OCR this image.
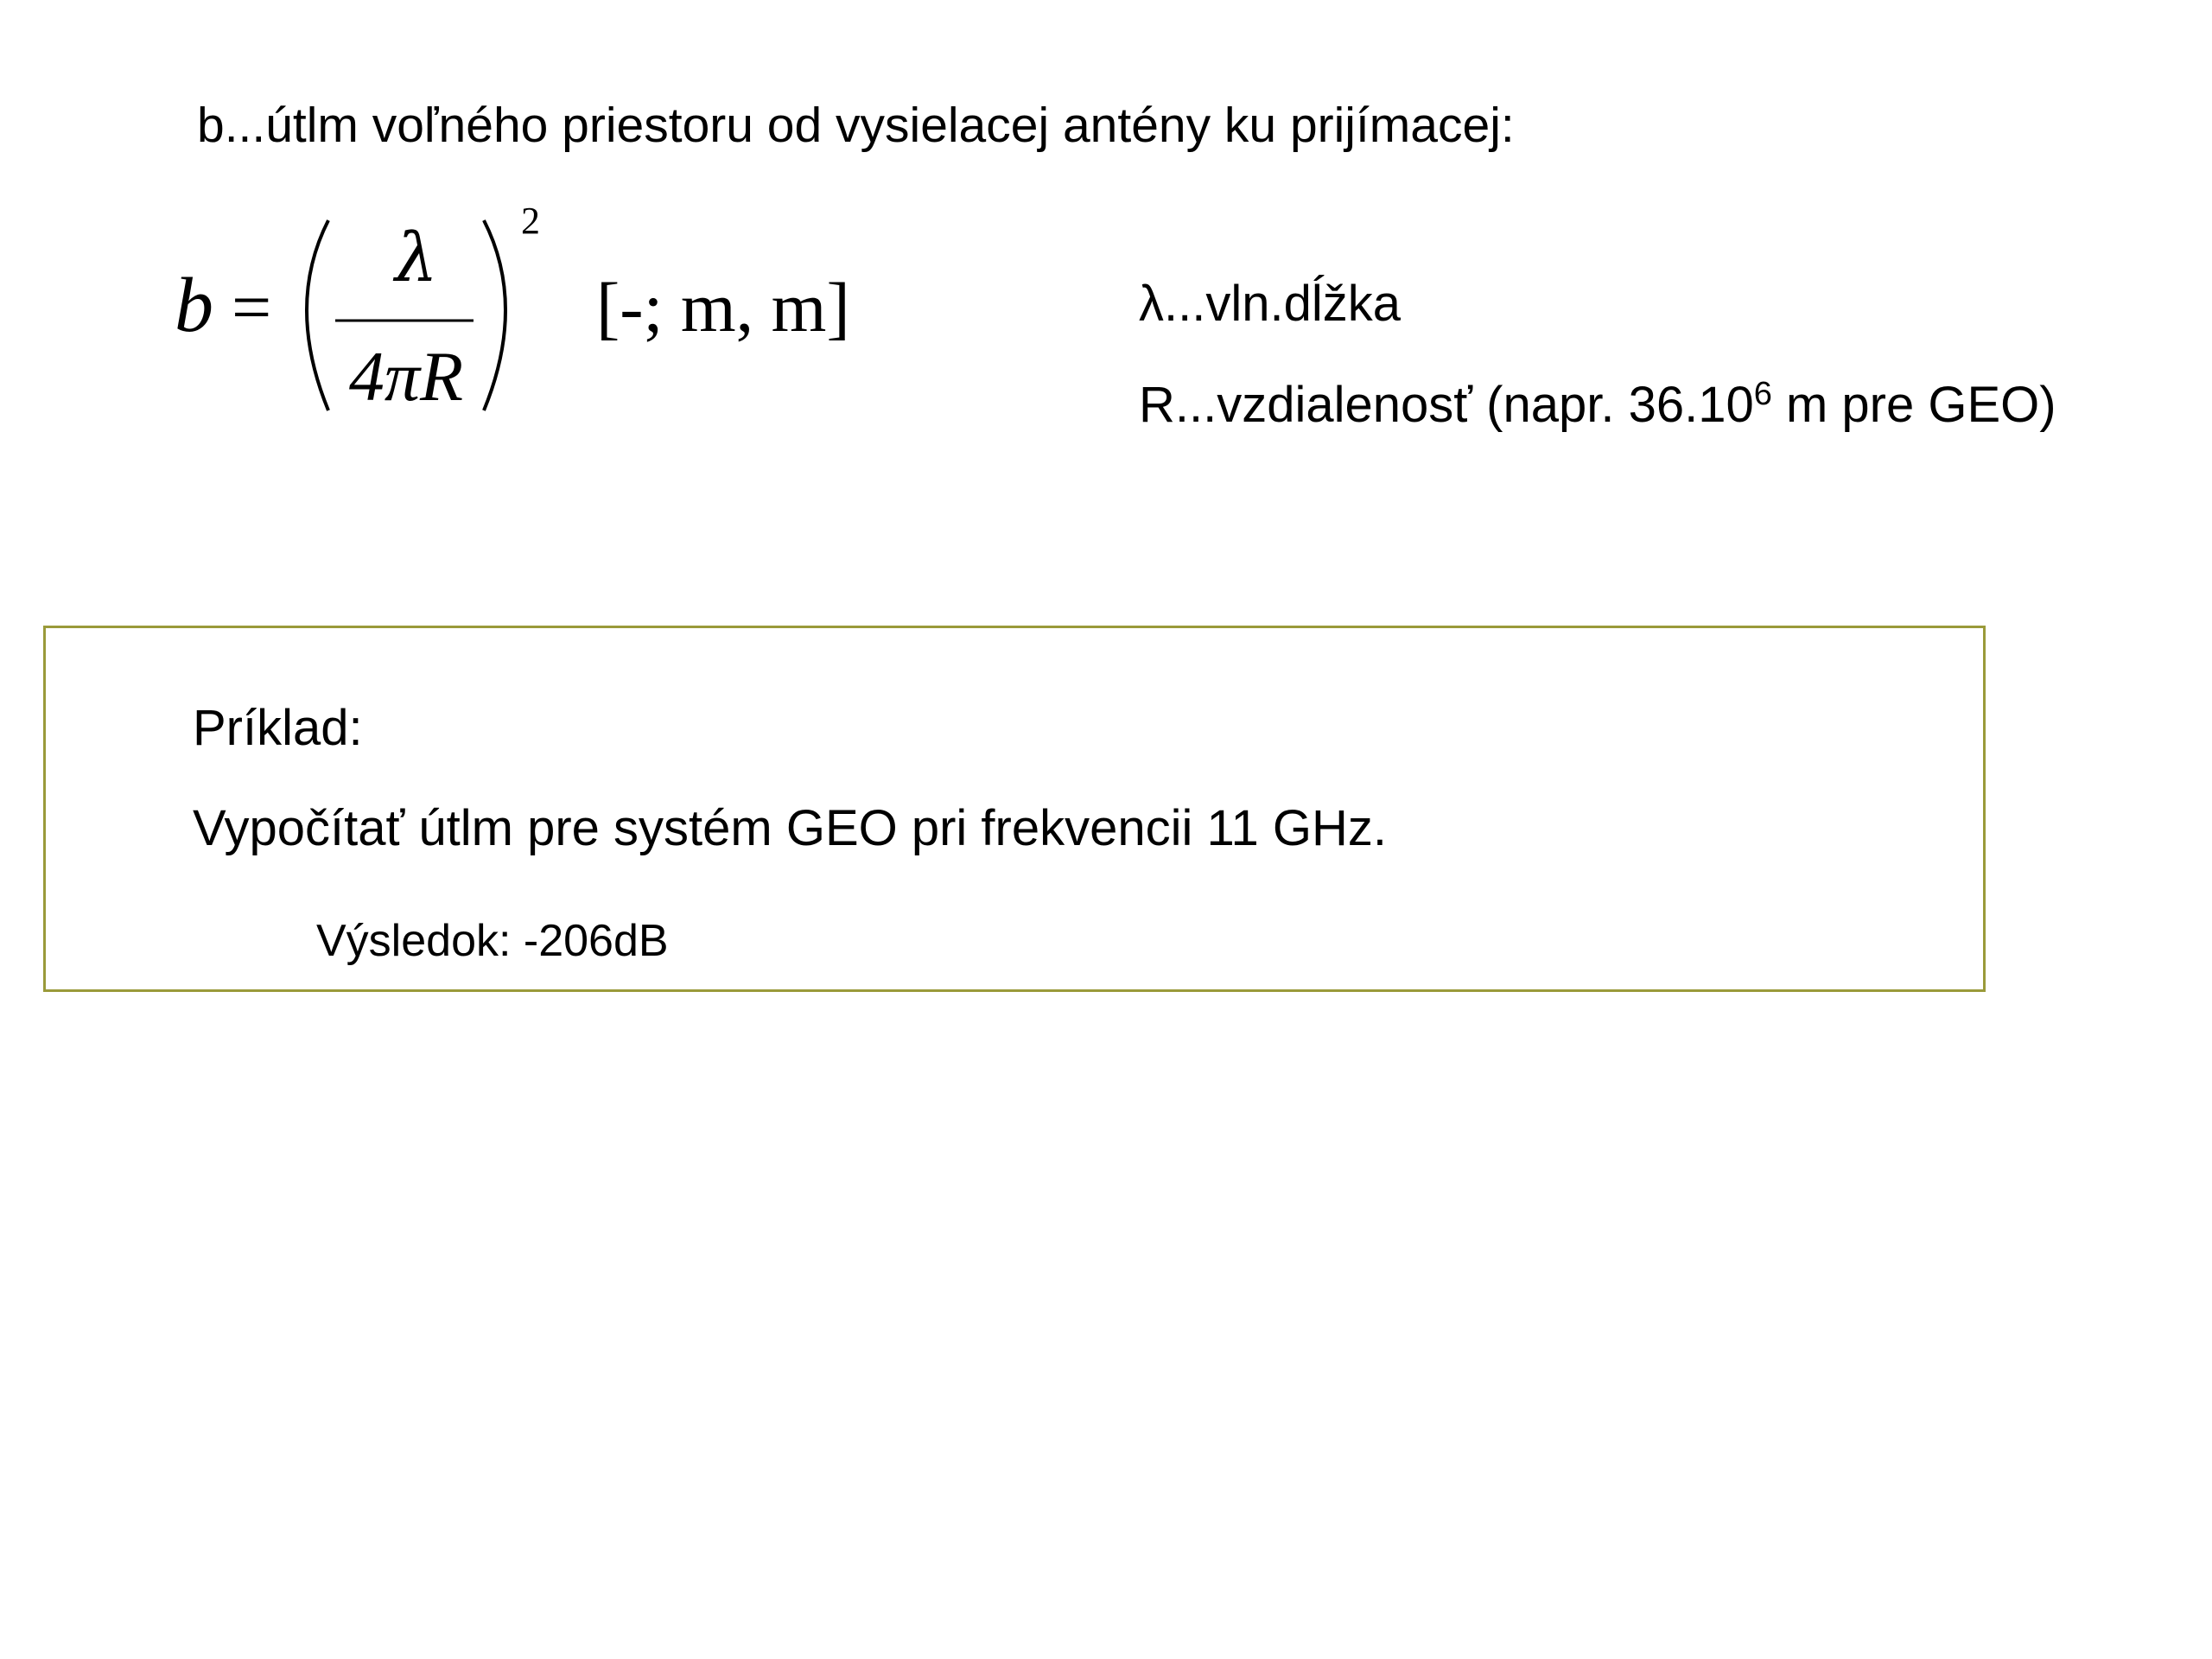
b...útlm voľného priestoru od vysielacej antény ku prijímacej:
b =
λ
4πR
2
[-; m, m]	λ...vln.dĺžka
R...vzdialenosť (napr. 36.10$^6$ m pre GEO)
Príklad:
Vypočítať útlm pre systém GEO pri frekvencii 11 GHz.
Výsledok: -206dB
